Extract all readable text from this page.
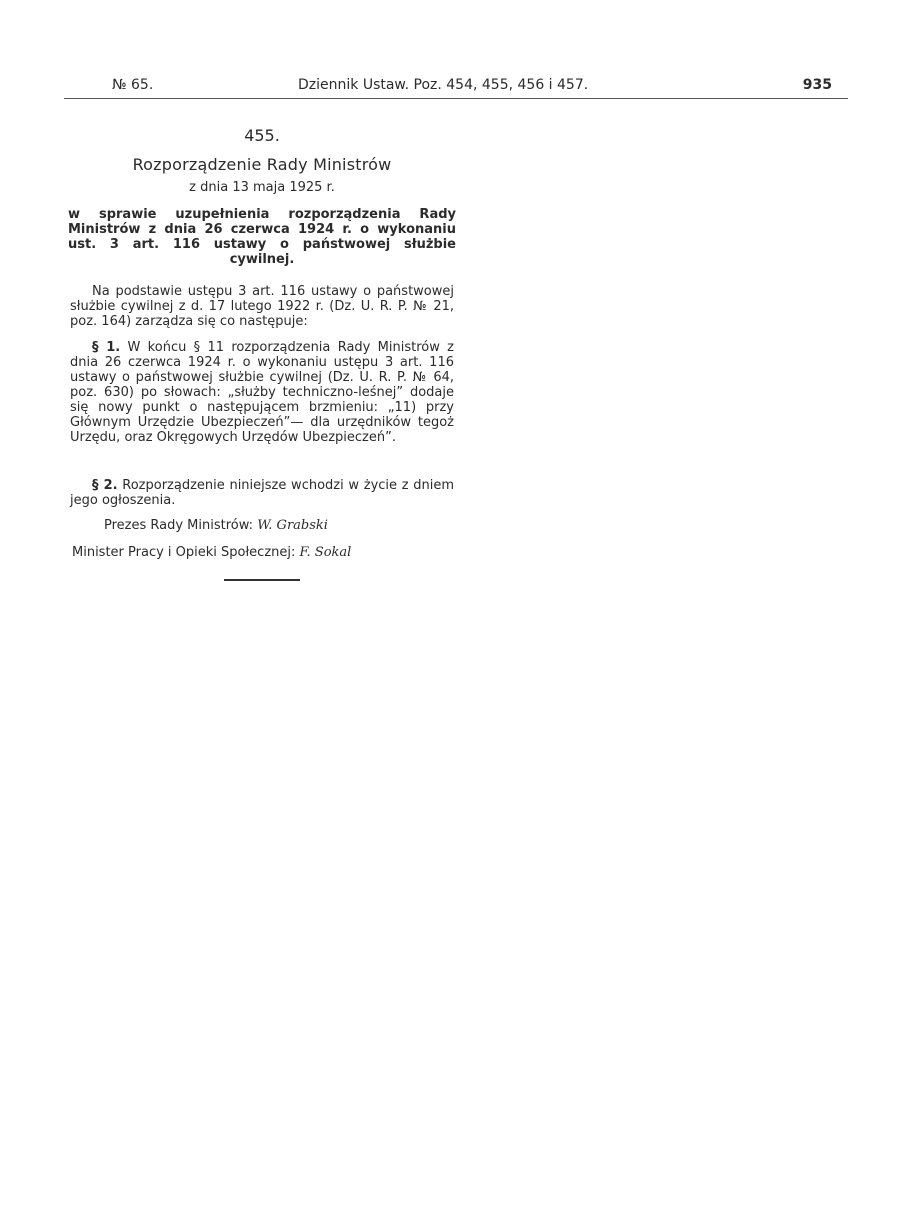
№ 65.	Dziennik Ustaw. Poz. 454, 455, 456 i 457.	935
455.
Rozporządzenie Rady Ministrów
z dnia 13 maja 1925 r.
w sprawie uzupełnienia rozporządzenia Rady Ministrów z dnia 26 czerwca 1924 r. o wykonaniu ust. 3 art. 116 ustawy o państwowej służbie cywilnej.

Na podstawie ustępu 3 art. 116 ustawy o państwowej służbie cywilnej z d. 17 lutego 1922 r. (Dz. U. R. P. № 21, poz. 164) zarządza się co następuje:

§ 1. W końcu § 11 rozporządzenia Rady Ministrów z dnia 26 czerwca 1924 r. o wykonaniu ustępu 3 art. 116 ustawy o państwowej służbie cywilnej (Dz. U. R. P. № 64, poz. 630) po słowach: „służby techniczno-leśnej” dodaje się nowy punkt o następującem brzmieniu: „11) przy Głównym Urzędzie Ubezpieczeń”— dla urzędników tegoż Urzędu, oraz Okręgowych Urzędów Ubezpieczeń”.

§ 2. Rozporządzenie niniejsze wchodzi w życie z dniem jego ogłoszenia.

Prezes Rady Ministrów: W. Grabski
Minister Pracy i Opieki Społecznej: F. Sokal
